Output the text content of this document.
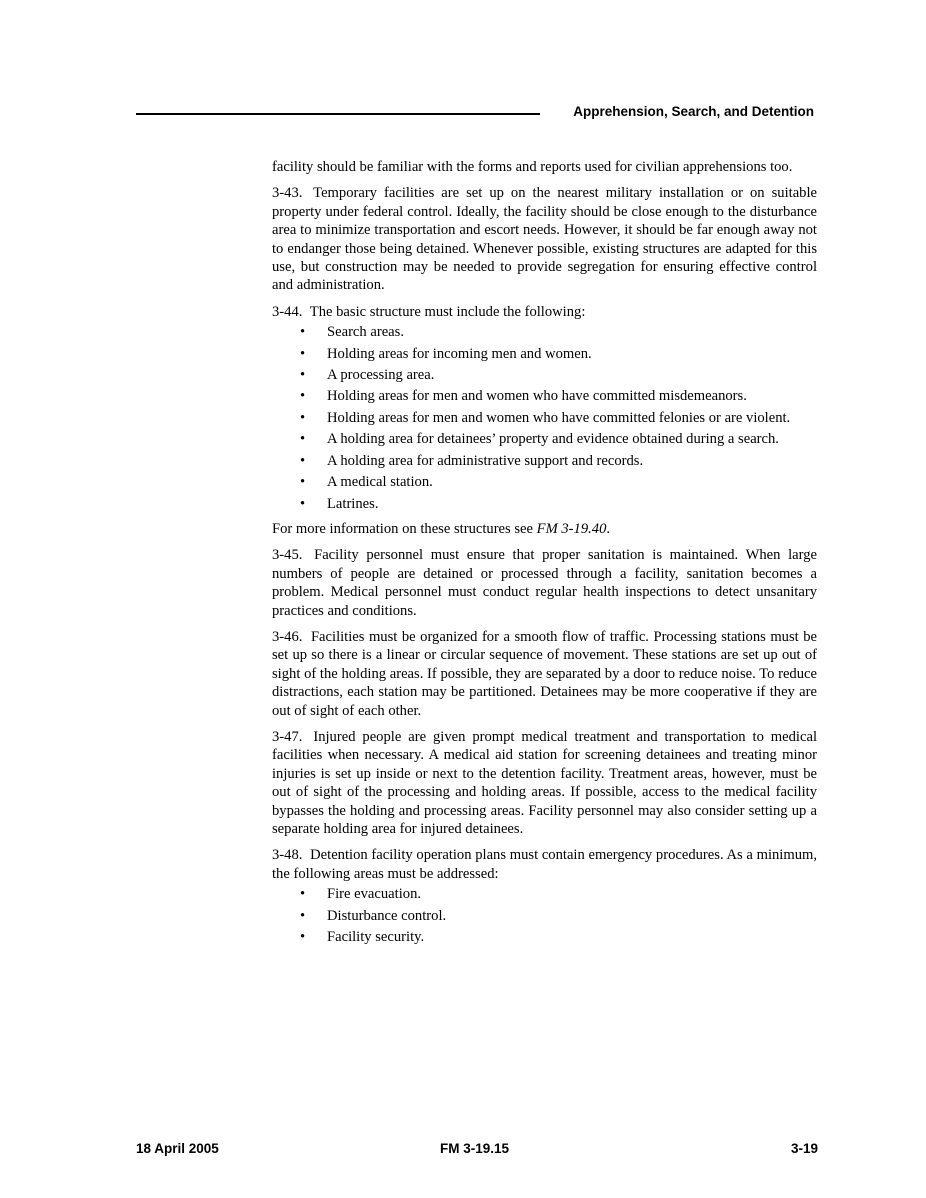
Apprehension, Search, and Detention

facility should be familiar with the forms and reports used for civilian apprehensions too.

3-43. Temporary facilities are set up on the nearest military installation or on suitable property under federal control. Ideally, the facility should be close enough to the disturbance area to minimize transportation and escort needs. However, it should be far enough away not to endanger those being detained. Whenever possible, existing structures are adapted for this use, but construction may be needed to provide segregation for ensuring effective control and administration.

3-44. The basic structure must include the following:

• Search areas.
• Holding areas for incoming men and women.
• A processing area.
• Holding areas for men and women who have committed misdemeanors.
• Holding areas for men and women who have committed felonies or are violent.
• A holding area for detainees’ property and evidence obtained during a search.
• A holding area for administrative support and records.
• A medical station.
• Latrines.

For more information on these structures see FM 3-19.40.

3-45. Facility personnel must ensure that proper sanitation is maintained. When large numbers of people are detained or processed through a facility, sanitation becomes a problem. Medical personnel must conduct regular health inspections to detect unsanitary practices and conditions.

3-46. Facilities must be organized for a smooth flow of traffic. Processing stations must be set up so there is a linear or circular sequence of movement. These stations are set up out of sight of the holding areas. If possible, they are separated by a door to reduce noise. To reduce distractions, each station may be partitioned. Detainees may be more cooperative if they are out of sight of each other.

3-47. Injured people are given prompt medical treatment and transportation to medical facilities when necessary. A medical aid station for screening detainees and treating minor injuries is set up inside or next to the detention facility. Treatment areas, however, must be out of sight of the processing and holding areas. If possible, access to the medical facility bypasses the holding and processing areas. Facility personnel may also consider setting up a separate holding area for injured detainees.

3-48. Detention facility operation plans must contain emergency procedures. As a minimum, the following areas must be addressed:

• Fire evacuation.
• Disturbance control.
• Facility security.
18 April 2005	FM 3-19.15	3-19
